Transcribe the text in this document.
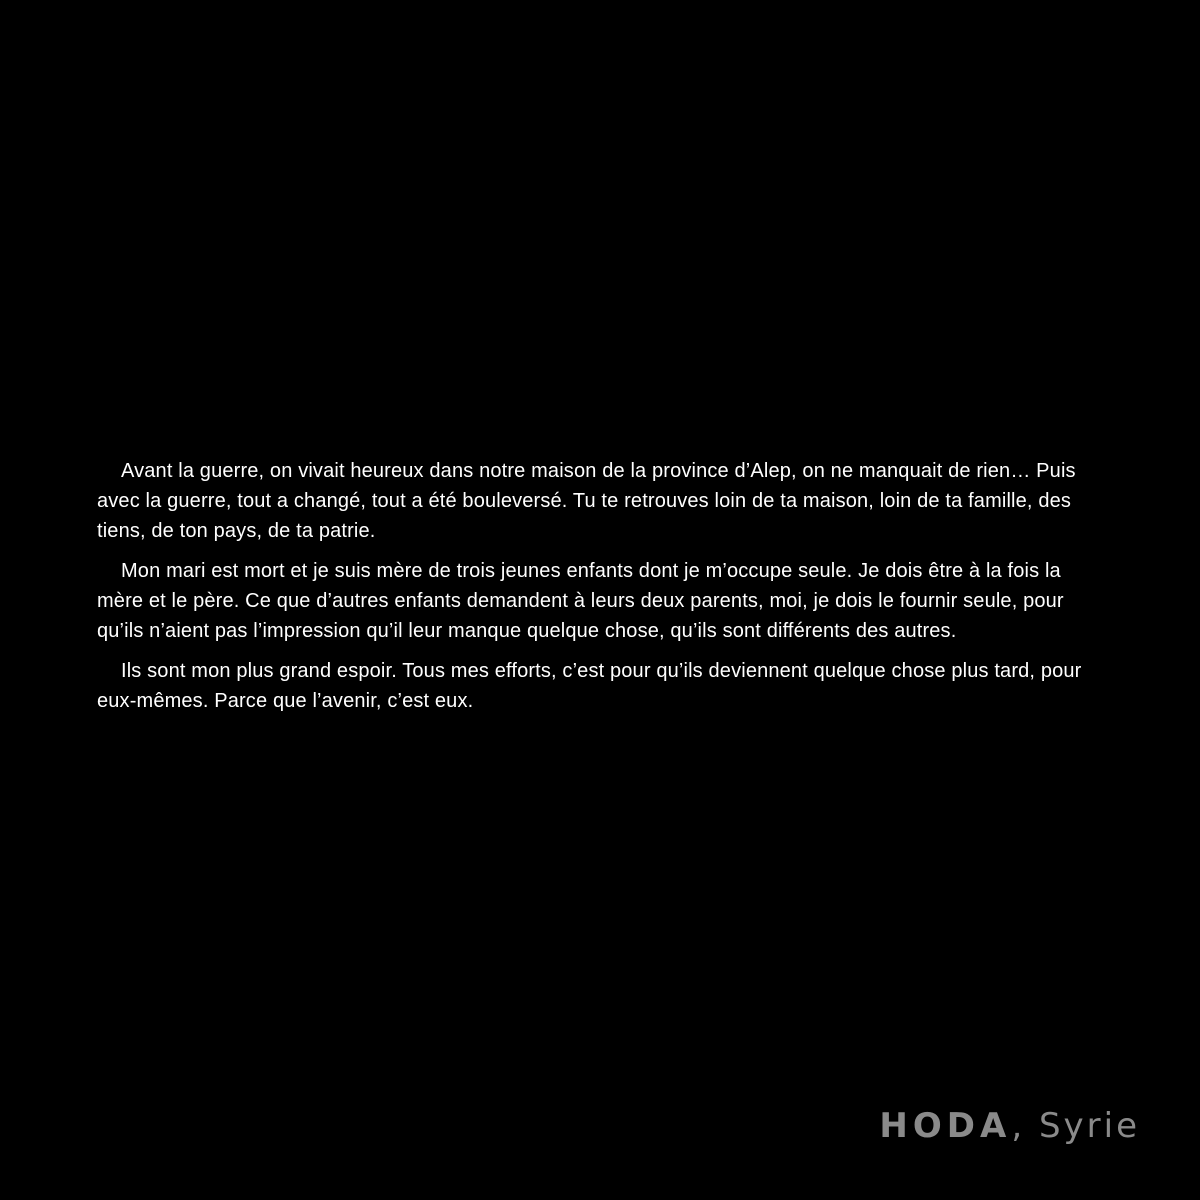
Avant la guerre, on vivait heureux dans notre maison de la province d’Alep, on ne manquait de rien… Puis avec la guerre, tout a changé, tout a été bouleversé. Tu te retrouves loin de ta maison, loin de ta famille, des tiens, de ton pays, de ta patrie.

Mon mari est mort et je suis mère de trois jeunes enfants dont je m’occupe seule. Je dois être à la fois la mère et le père. Ce que d’autres enfants demandent à leurs deux parents, moi, je dois le fournir seule, pour qu’ils n’aient pas l’impression qu’il leur manque quelque chose, qu’ils sont différents des autres.

Ils sont mon plus grand espoir. Tous mes efforts, c’est pour qu’ils deviennent quelque chose plus tard, pour eux-mêmes. Parce que l’avenir, c’est eux.

HODA, Syrie
